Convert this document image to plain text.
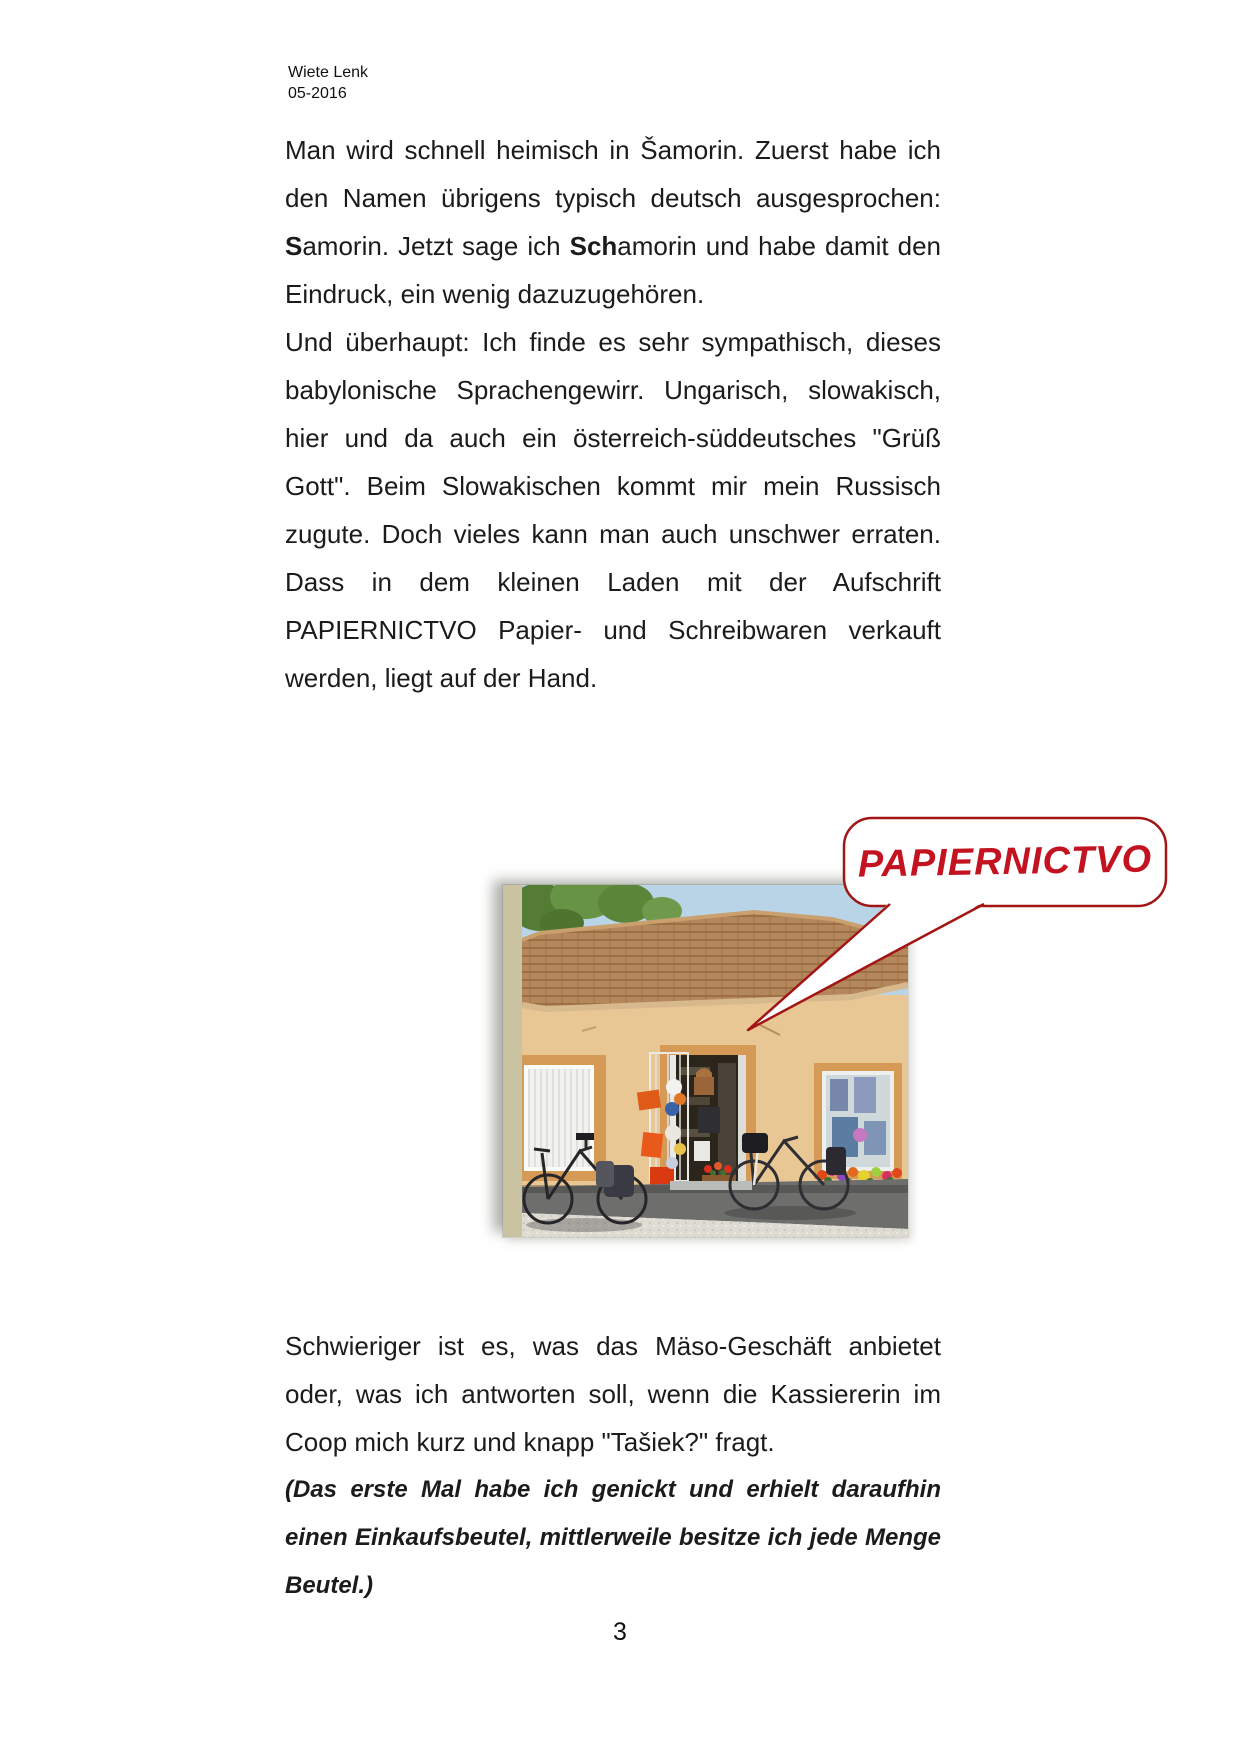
Wiete Lenk
05-2016

Man wird schnell heimisch in Šamorin. Zuerst habe ich den Namen übrigens typisch deutsch ausgesprochen: Samorin. Jetzt sage ich Schamorin und habe damit den Eindruck, ein wenig dazuzugehören.

Und überhaupt: Ich finde es sehr sympathisch, dieses babylonische Sprachengewirr. Ungarisch, slowakisch, hier und da auch ein österreich-süddeutsches "Grüß Gott". Beim Slowakischen kommt mir mein Russisch zugute. Doch vieles kann man auch unschwer erraten. Dass in dem kleinen Laden mit der Aufschrift PAPIERNICTVO Papier- und Schreibwaren verkauft werden, liegt auf der Hand.

PAPIERNICTVO

Schwieriger ist es, was das Mäso-Geschäft anbietet oder, was ich antworten soll, wenn die Kassiererin im Coop mich kurz und knapp "Tašiek?" fragt.

(Das erste Mal habe ich genickt und erhielt daraufhin einen Einkaufsbeutel, mittlerweile besitze ich jede Menge Beutel.)

3
